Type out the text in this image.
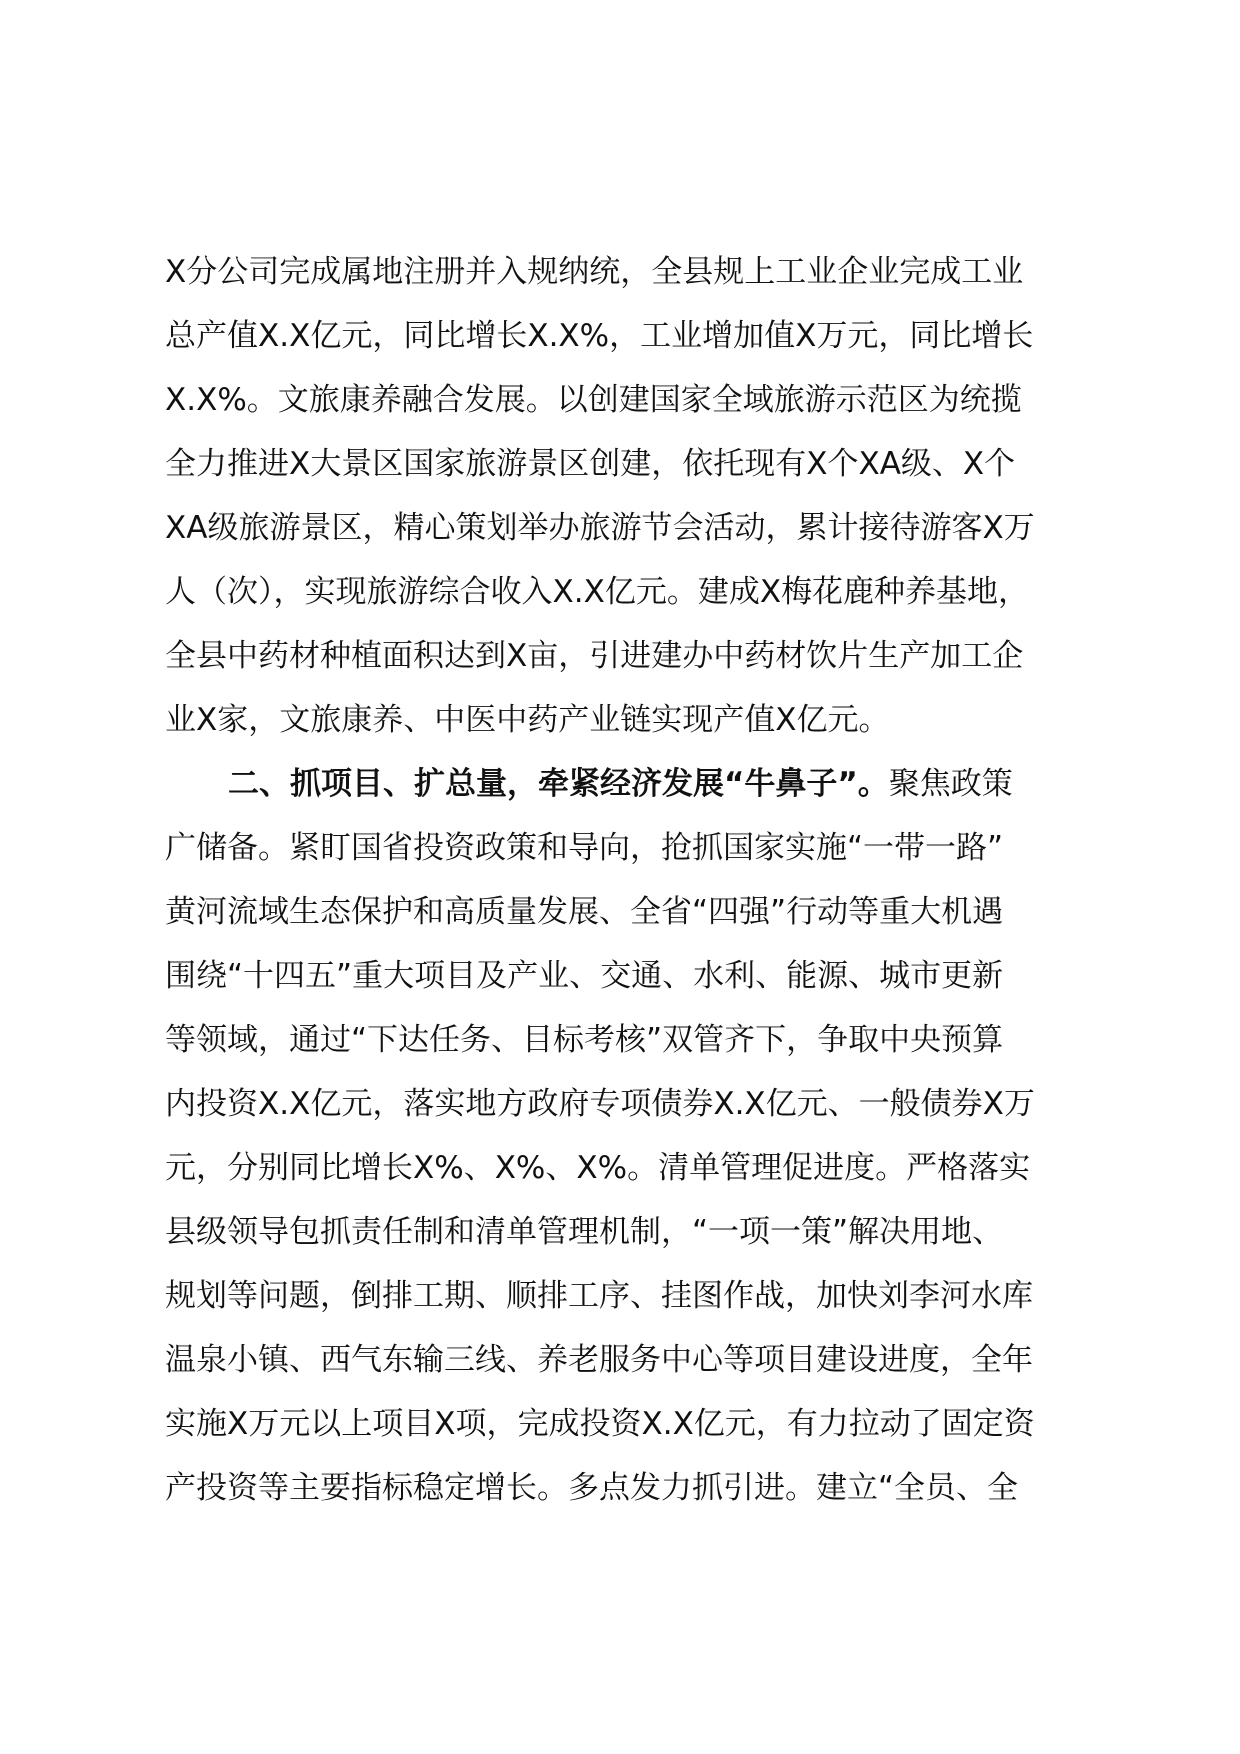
X分公司完成属地注册并入规纳统，全县规上工业企业完成工业
总产值X.X亿元，同比增长X.X%，工业增加值X万元，同比增长
X.X%。文旅康养融合发展。以创建国家全域旅游示范区为统揽
全力推进X大景区国家旅游景区创建，依托现有X个XA级、X个
XA级旅游景区，精心策划举办旅游节会活动，累计接待游客X万
人（次），实现旅游综合收入X.X亿元。建成X梅花鹿种养基地，
全县中药材种植面积达到X亩，引进建办中药材饮片生产加工企
业X家，文旅康养、中医中药产业链实现产值X亿元。
二、抓项目、扩总量，牵紧经济发展“牛鼻子”。聚焦政策
广储备。紧盯国省投资政策和导向，抢抓国家实施“一带一路”
黄河流域生态保护和高质量发展、全省“四强”行动等重大机遇
围绕“十四五”重大项目及产业、交通、水利、能源、城市更新
等领域，通过“下达任务、目标考核”双管齐下，争取中央预算
内投资X.X亿元，落实地方政府专项债券X.X亿元、一般债券X万
元，分别同比增长X%、X%、X%。清单管理促进度。严格落实
县级领导包抓责任制和清单管理机制，“一项一策”解决用地、
规划等问题，倒排工期、顺排工序、挂图作战，加快刘李河水库
温泉小镇、西气东输三线、养老服务中心等项目建设进度，全年
实施X万元以上项目X项，完成投资X.X亿元，有力拉动了固定资
产投资等主要指标稳定增长。多点发力抓引进。建立“全员、全
